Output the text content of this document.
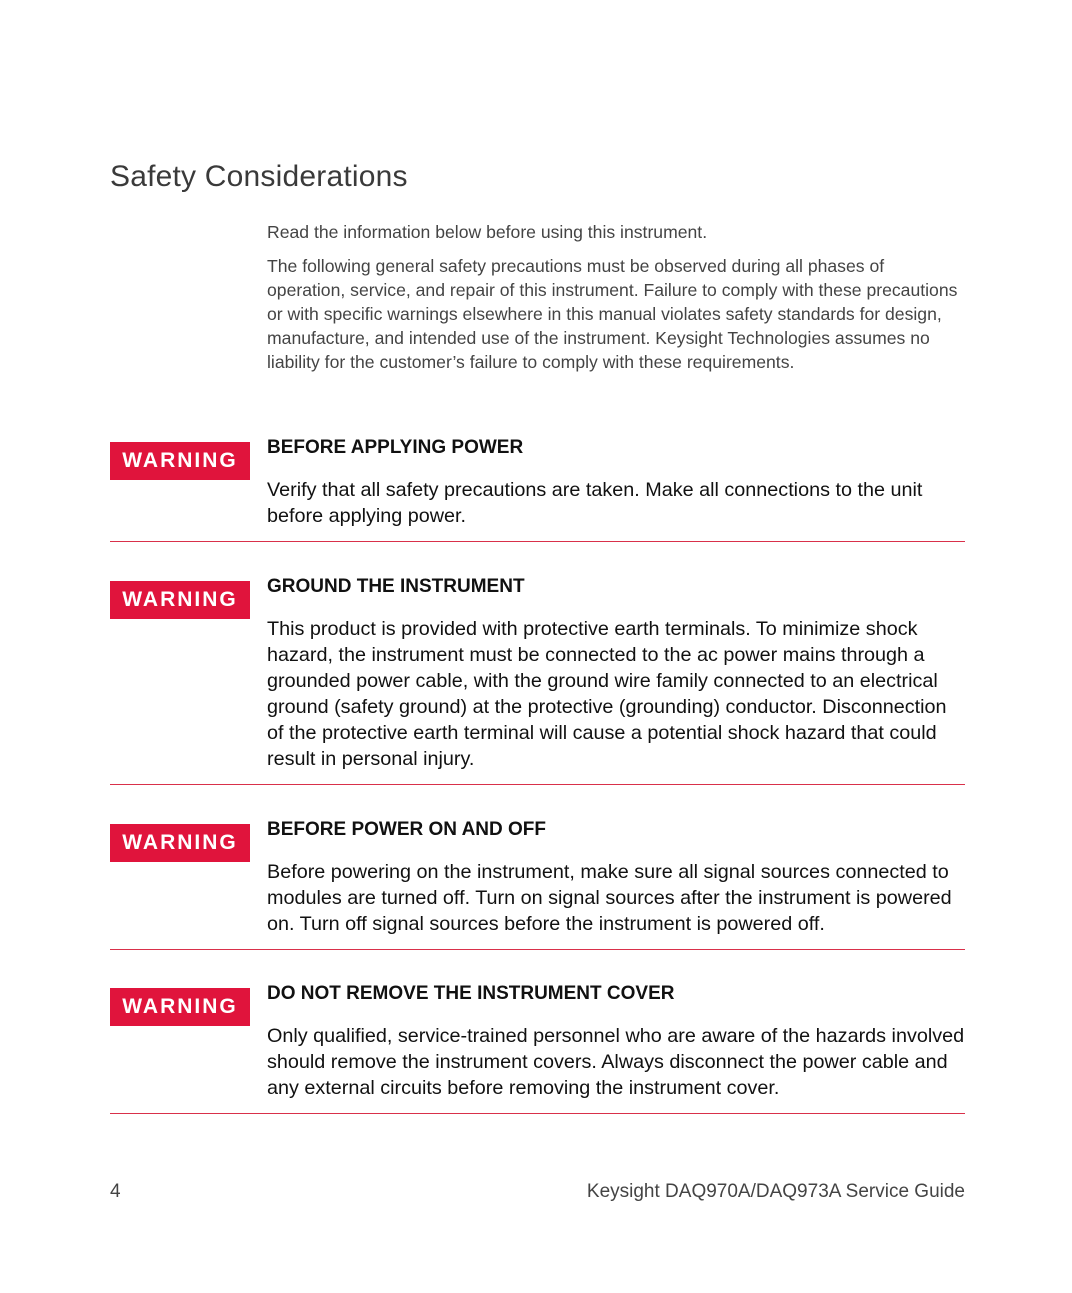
Safety Considerations

Read the information below before using this instrument.

The following general safety precautions must be observed during all phases of operation, service, and repair of this instrument. Failure to comply with these precautions or with specific warnings elsewhere in this manual violates safety standards for design, manufacture, and intended use of the instrument. Keysight Technologies assumes no liability for the customer’s failure to comply with these requirements.

WARNING

BEFORE APPLYING POWER

Verify that all safety precautions are taken. Make all connections to the unit before applying power.

WARNING

GROUND THE INSTRUMENT

This product is provided with protective earth terminals. To minimize shock hazard, the instrument must be connected to the ac power mains through a grounded power cable, with the ground wire family connected to an electrical ground (safety ground) at the protective (grounding) conductor. Disconnection of the protective earth terminal will cause a potential shock hazard that could result in personal injury.

WARNING

BEFORE POWER ON AND OFF

Before powering on the instrument, make sure all signal sources connected to modules are turned off. Turn on signal sources after the instrument is powered on. Turn off signal sources before the instrument is powered off.

WARNING

DO NOT REMOVE THE INSTRUMENT COVER

Only qualified, service-trained personnel who are aware of the hazards involved should remove the instrument covers. Always disconnect the power cable and any external circuits before removing the instrument cover.

4	Keysight DAQ970A/DAQ973A Service Guide
